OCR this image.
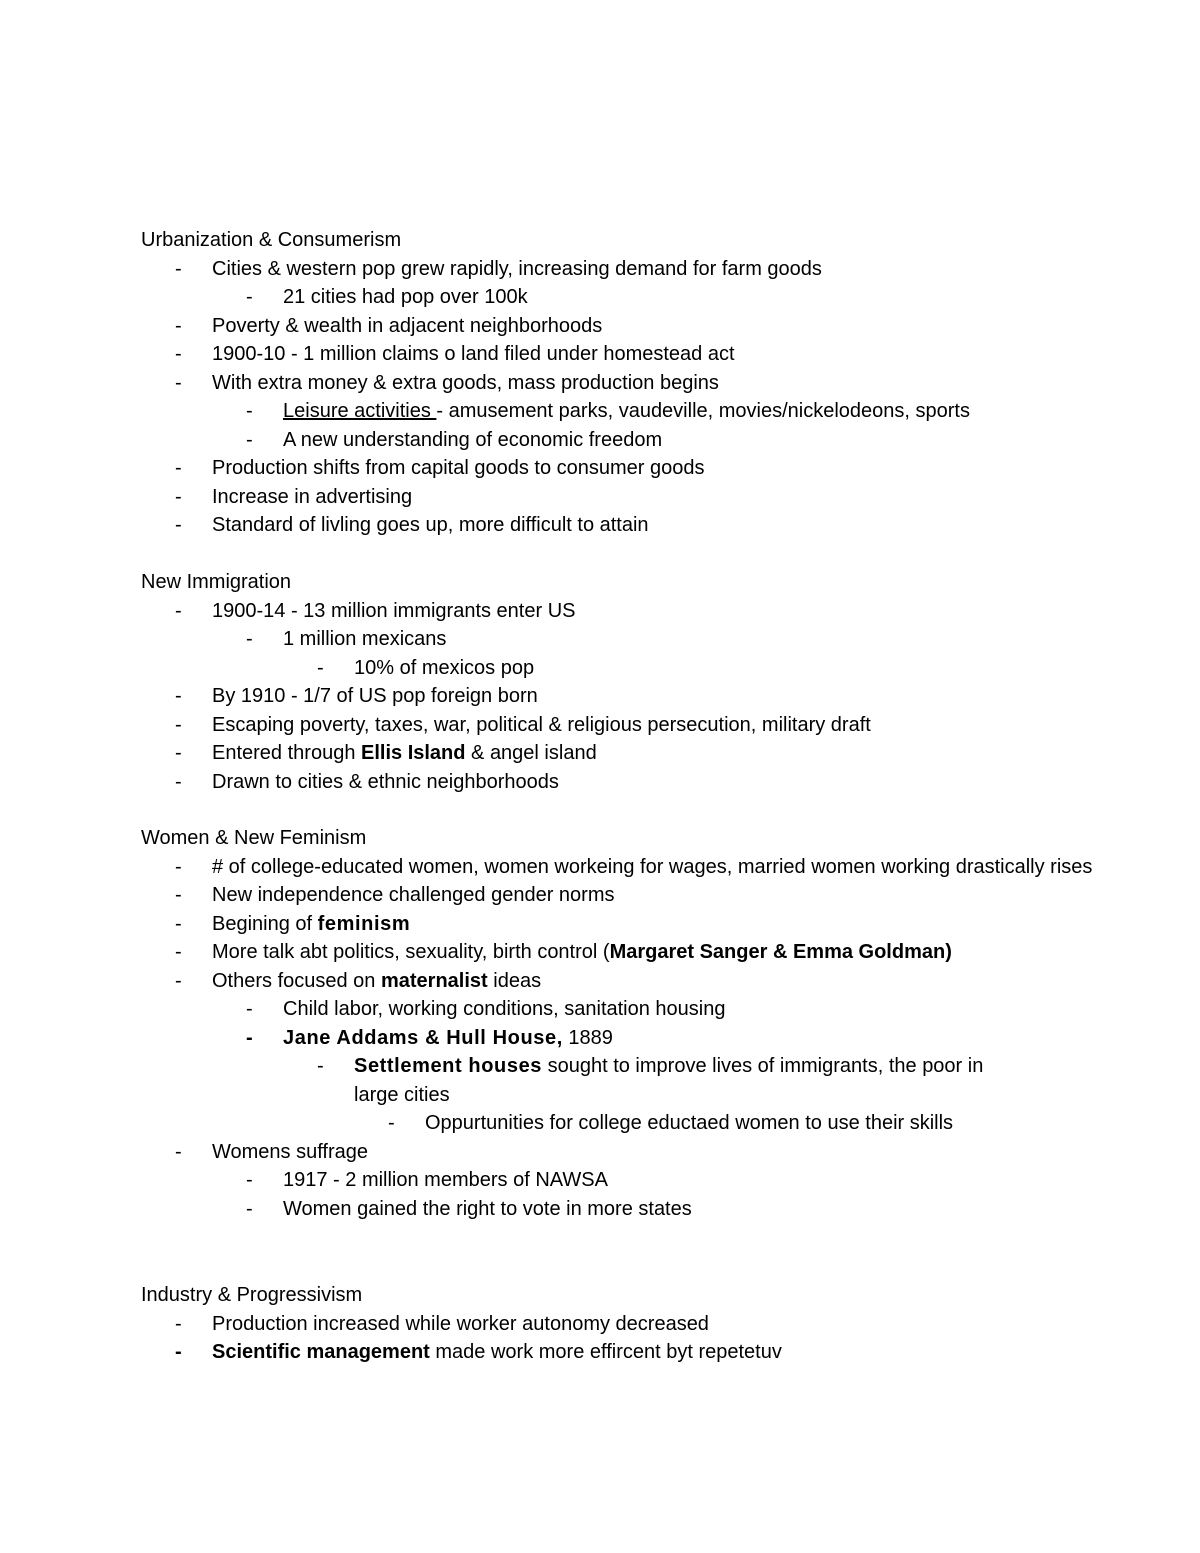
Urbanization & Consumerism
- Cities & western pop grew rapidly, increasing demand for farm goods
- 21 cities had pop over 100k
- Poverty & wealth in adjacent neighborhoods
- 1900-10 - 1 million claims o land filed under homestead act
- With extra money & extra goods, mass production begins
- Leisure activities - amusement parks, vaudeville, movies/nickelodeons, sports
- A new understanding of economic freedom
- Production shifts from capital goods to consumer goods
- Increase in advertising
- Standard of livling goes up, more difficult to attain
New Immigration
- 1900-14 - 13 million immigrants enter US
- 1 million mexicans
- 10% of mexicos pop
- By 1910 - 1/7 of US pop foreign born
- Escaping poverty, taxes, war, political & religious persecution, military draft
- Entered through Ellis Island & angel island
- Drawn to cities & ethnic neighborhoods
Women & New Feminism
- # of college-educated women, women workeing for wages, married women working drastically rises
- New independence challenged gender norms
- Begining of feminism
- More talk abt politics, sexuality, birth control (Margaret Sanger & Emma Goldman)
- Others focused on maternalist ideas
- Child labor, working conditions, sanitation housing
- Jane Addams & Hull House, 1889
- Settlement houses sought to improve lives of immigrants, the poor in large cities
- Oppurtunities for college eductaed women to use their skills
- Womens suffrage
- 1917 - 2 million members of NAWSA
- Women gained the right to vote in more states
Industry & Progressivism
- Production increased while worker autonomy decreased
- Scientific management made work more effircent byt repetetuv
